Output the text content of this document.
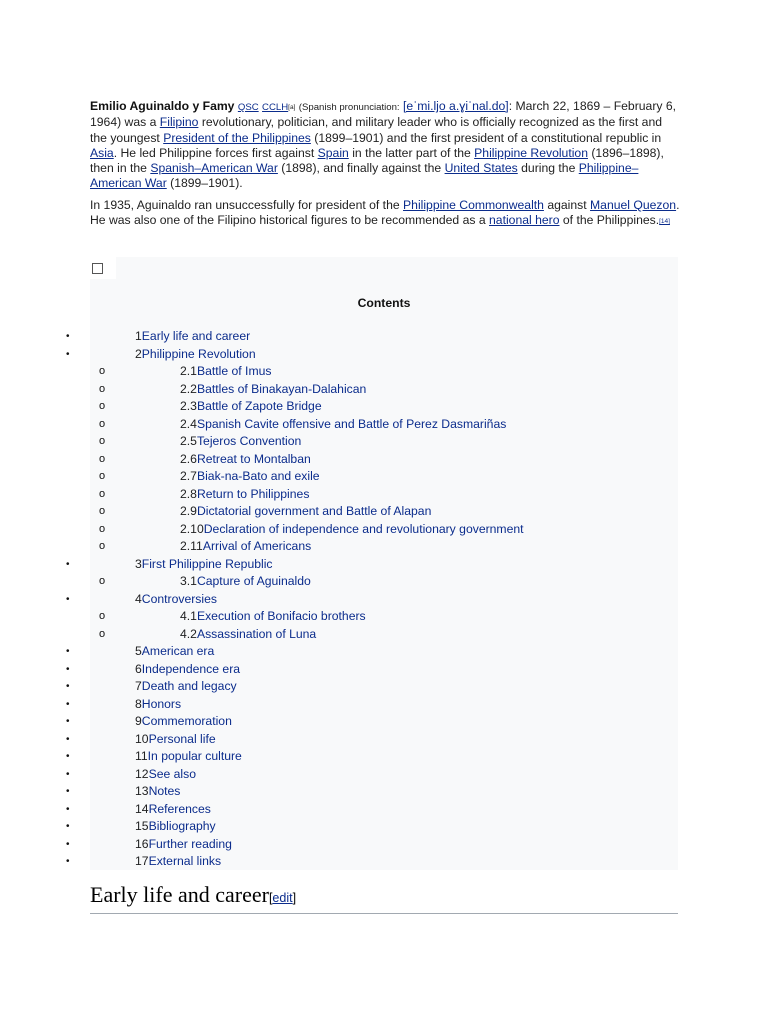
Emilio Aguinaldo y Famy QSC CCLH[a] (Spanish pronunciation: [eˈmi.ljo a.ɣiˈnal.do]: March 22, 1869 – February 6, 1964) was a Filipino revolutionary, politician, and military leader who is officially recognized as the first and the youngest President of the Philippines (1899–1901) and the first president of a constitutional republic in Asia. He led Philippine forces first against Spain in the latter part of the Philippine Revolution (1896–1898), then in the Spanish–American War (1898), and finally against the United States during the Philippine–American War (1899–1901).

In 1935, Aguinaldo ran unsuccessfully for president of the Philippine Commonwealth against Manuel Quezon. He was also one of the Filipino historical figures to be recommended as a national hero of the Philippines.[14]

Contents
•	1Early life and career
•	2Philippine Revolution
o	2.1Battle of Imus
o	2.2Battles of Binakayan-Dalahican
o	2.3Battle of Zapote Bridge
o	2.4Spanish Cavite offensive and Battle of Perez Dasmariñas
o	2.5Tejeros Convention
o	2.6Retreat to Montalban
o	2.7Biak-na-Bato and exile
o	2.8Return to Philippines
o	2.9Dictatorial government and Battle of Alapan
o	2.10Declaration of independence and revolutionary government
o	2.11Arrival of Americans
•	3First Philippine Republic
o	3.1Capture of Aguinaldo
•	4Controversies
o	4.1Execution of Bonifacio brothers
o	4.2Assassination of Luna
•	5American era
•	6Independence era
•	7Death and legacy
•	8Honors
•	9Commemoration
•	10Personal life
•	11In popular culture
•	12See also
•	13Notes
•	14References
•	15Bibliography
•	16Further reading
•	17External links
Early life and career[edit]
